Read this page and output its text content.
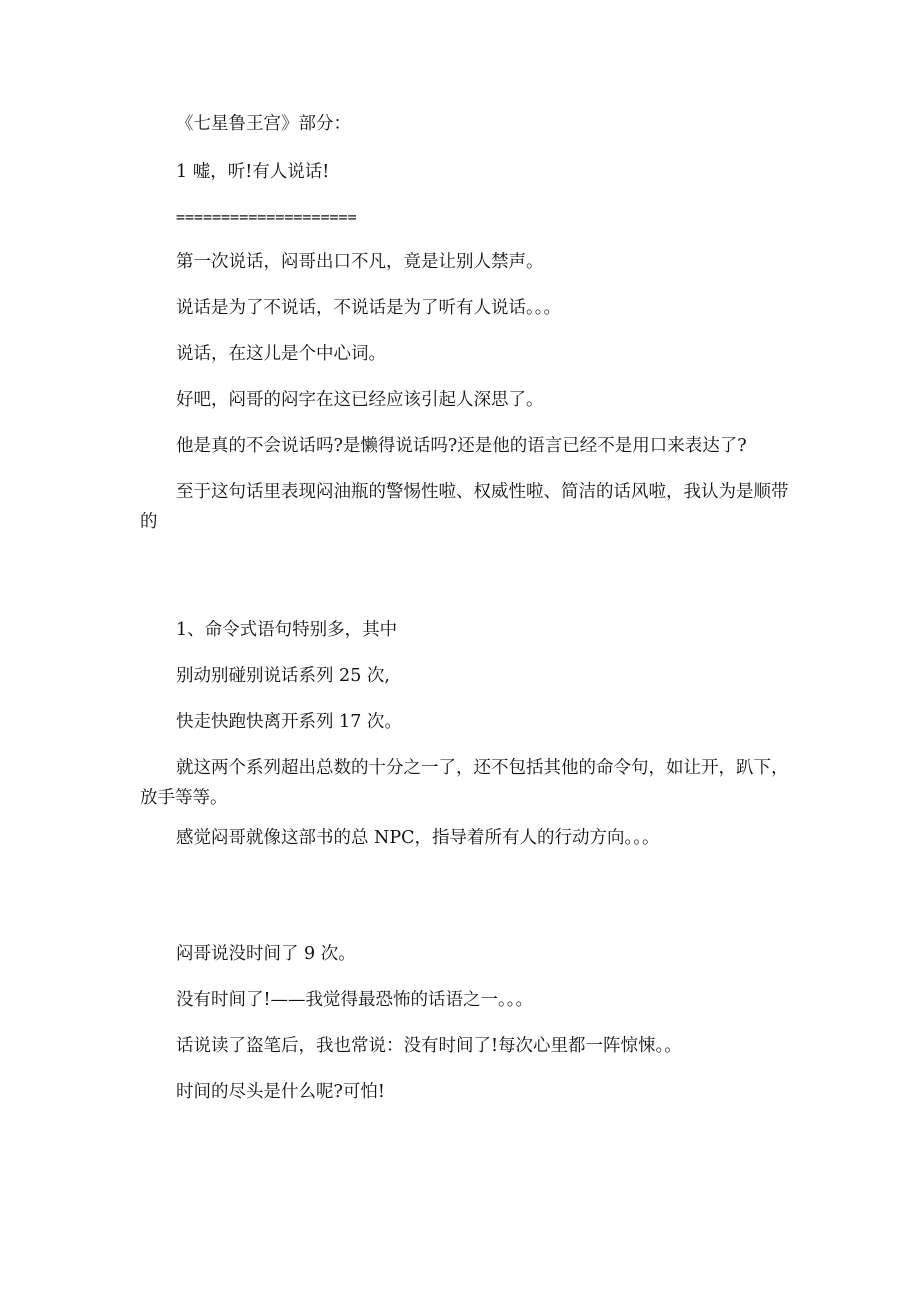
《七星鲁王宫》部分：

1 嘘，听!有人说话!

====================

第一次说话，闷哥出口不凡，竟是让别人禁声。

说话是为了不说话，不说话是为了听有人说话。。。

说话，在这儿是个中心词。

好吧，闷哥的闷字在这已经应该引起人深思了。

他是真的不会说话吗?是懒得说话吗?还是他的语言已经不是用口来表达了?

至于这句话里表现闷油瓶的警惕性啦、权威性啦、简洁的话风啦，我认为是顺带的

1、命令式语句特别多，其中

别动别碰别说话系列 25 次,

快走快跑快离开系列 17 次。

就这两个系列超出总数的十分之一了，还不包括其他的命令句，如让开，趴下，放手等等。

感觉闷哥就像这部书的总 NPC，指导着所有人的行动方向。。。

闷哥说没时间了 9 次。

没有时间了!——我觉得最恐怖的话语之一。。。

话说读了盗笔后，我也常说：没有时间了!每次心里都一阵惊悚。。

时间的尽头是什么呢?可怕!
